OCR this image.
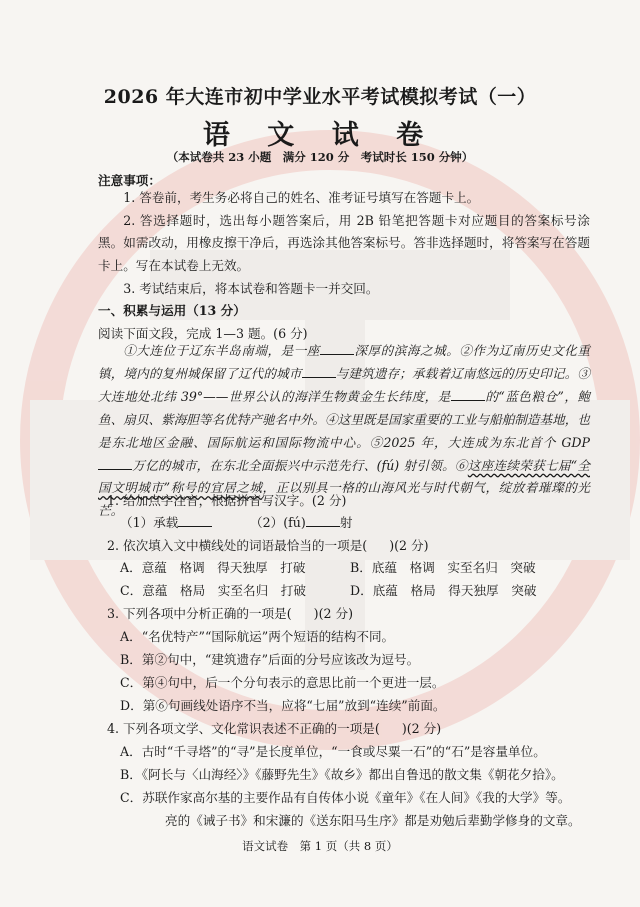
2026 年大连市初中学业水平考试模拟考试（一）
语 文 试 卷
（本试卷共 23 小题　满分 120 分　考试时长 150 分钟）
注意事项：

1. 答卷前，考生务必将自己的姓名、准考证号填写在答题卡上。

2. 答选择题时，选出每小题答案后，用 2B 铅笔把答题卡对应题目的答案标号涂黑。如需改动，用橡皮擦干净后，再选涂其他答案标号。答非选择题时，将答案写在答题卡上。写在本试卷上无效。

3. 考试结束后，将本试卷和答题卡一并交回。

一、积累与运用（13 分）
阅读下面文段，完成 1—3 题。(6 分)

①大连位于辽东半岛南端，是一座	深厚的滨海之城。②作为辽南历史文化重镇，境内的复州城保留了辽代的城市	与建筑遗存；承载着辽南悠远的历史印记。③大连地处北纬 39°——世界公认的海洋生物黄金生长纬度，是	的“蓝色粮仓”，鲍鱼、扇贝、紫海胆等名优特产驰名中外。④这里既是国家重要的工业与船舶制造基地，也是东北地区金融、国际航运和国际物流中心。⑤2025 年，大连成为东北首个 GDP万亿的城市，在东北全面振兴中示范先行、(fú) 射引领。⑥这座连续荣获七届“全国文明城市”称号的宜居之城，正以别具一格的山海风光与时代朝气，绽放着璀璨的光芒。

1. 给加点字注音，根据拼音写汉字。(2 分)
（1）承载	（2）(fú)	射
2. 依次填入文中横线处的词语最恰当的一项是( )(2 分)
A．意蕴　格调　得天独厚　打破	B．底蕴　格调　实至名归　突破
C．意蕴　格局　实至名归　打破	D．底蕴　格局　得天独厚　突破
3. 下列各项中分析正确的一项是( )(2 分)
A．“名优特产”“国际航运”两个短语的结构不同。
B．第②句中，“建筑遗存”后面的分号应该改为逗号。
C．第④句中，后一个分句表示的意思比前一个更进一层。
D．第⑥句画线处语序不当，应将“七届”放到“连续”前面。
4. 下列各项文学、文化常识表述不正确的一项是( )(2 分)
A．古时“千寻塔”的“寻”是长度单位，“一食或尽粟一石”的“石”是容量单位。
B．《阿长与〈山海经〉》《藤野先生》《故乡》都出自鲁迅的散文集《朝花夕拾》。
C．苏联作家高尔基的主要作品有自传体小说《童年》《在人间》《我的大学》等。
亮的《诫子书》和宋濂的《送东阳马生序》都是劝勉后辈勤学修身的文章。
语文试卷　第 1 页（共 8 页）
